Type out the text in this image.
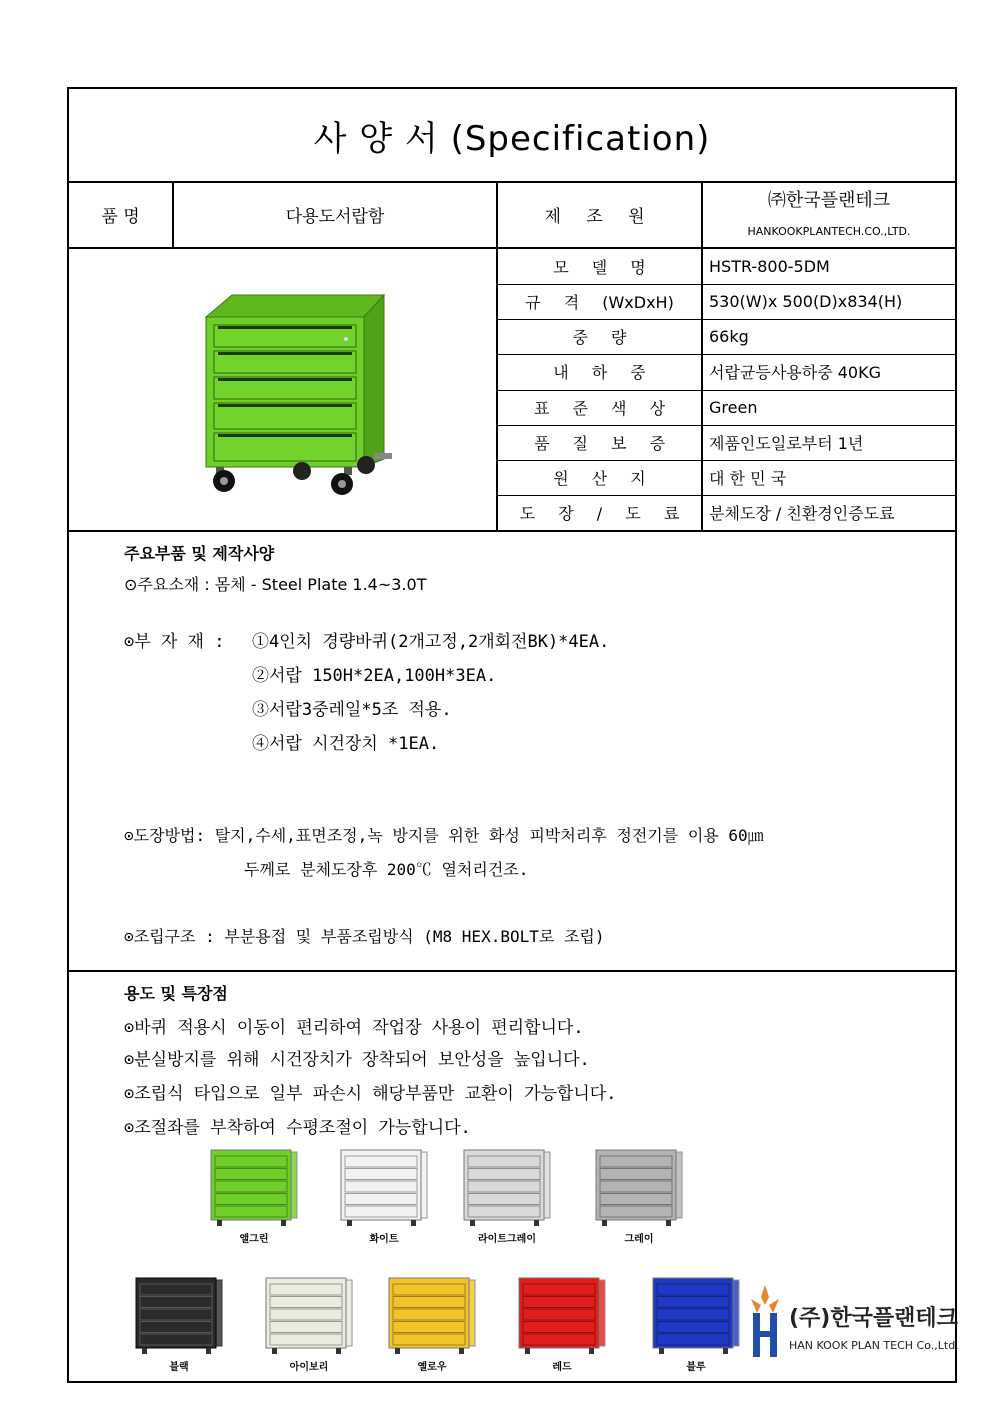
사 양 서 (Specification)
품 명	다용도서랍함	제 조 원
㈜한국플랜테크
HANKOOKPLANTECH.CO.,LTD.
모 델 명	HSTR-800-5DM
규 격 (WxDxH)	530(W)x 500(D)x834(H)
중 량	66kg
내 하 중	서랍균등사용하중 40KG
표 준 색 상	Green
품 질 보 증	제품인도일로부터 1년
원 산 지	대 한 민 국
도 장 / 도 료	분체도장 / 친환경인증도료
주요부품 및 제작사양
⊙주요소재 : 몸체 - Steel Plate 1.4~3.0T
⊙부 자 재 : ①4인치 경량바퀴(2개고정,2개회전BK)*4EA.
②서랍 150H*2EA,100H*3EA.
③서랍3중레일*5조 적용.
④서랍 시건장치 *1EA.
⊙도장방법: 탈지,수세,표면조정,녹 방지를 위한 화성 피박처리후 정전기를 이용 60㎛
두께로 분체도장후 200℃ 열처리건조.
⊙조립구조 : 부분용접 및 부품조립방식 (M8 HEX.BOLT로 조립)
용도 및 특장점
⊙바퀴 적용시 이동이 편리하여 작업장 사용이 편리합니다.
⊙분실방지를 위해 시건장치가 장착되어 보안성을 높입니다.
⊙조립식 타입으로 일부 파손시 해당부품만 교환이 가능합니다.
⊙조절좌를 부착하여 수평조절이 가능합니다.
앨그린	화이트	라이트그레이	그레이
블랙	아이보리	옐로우	레드	블루
(주)한국플랜테크
HAN KOOK PLAN TECH Co.,Ltd.
